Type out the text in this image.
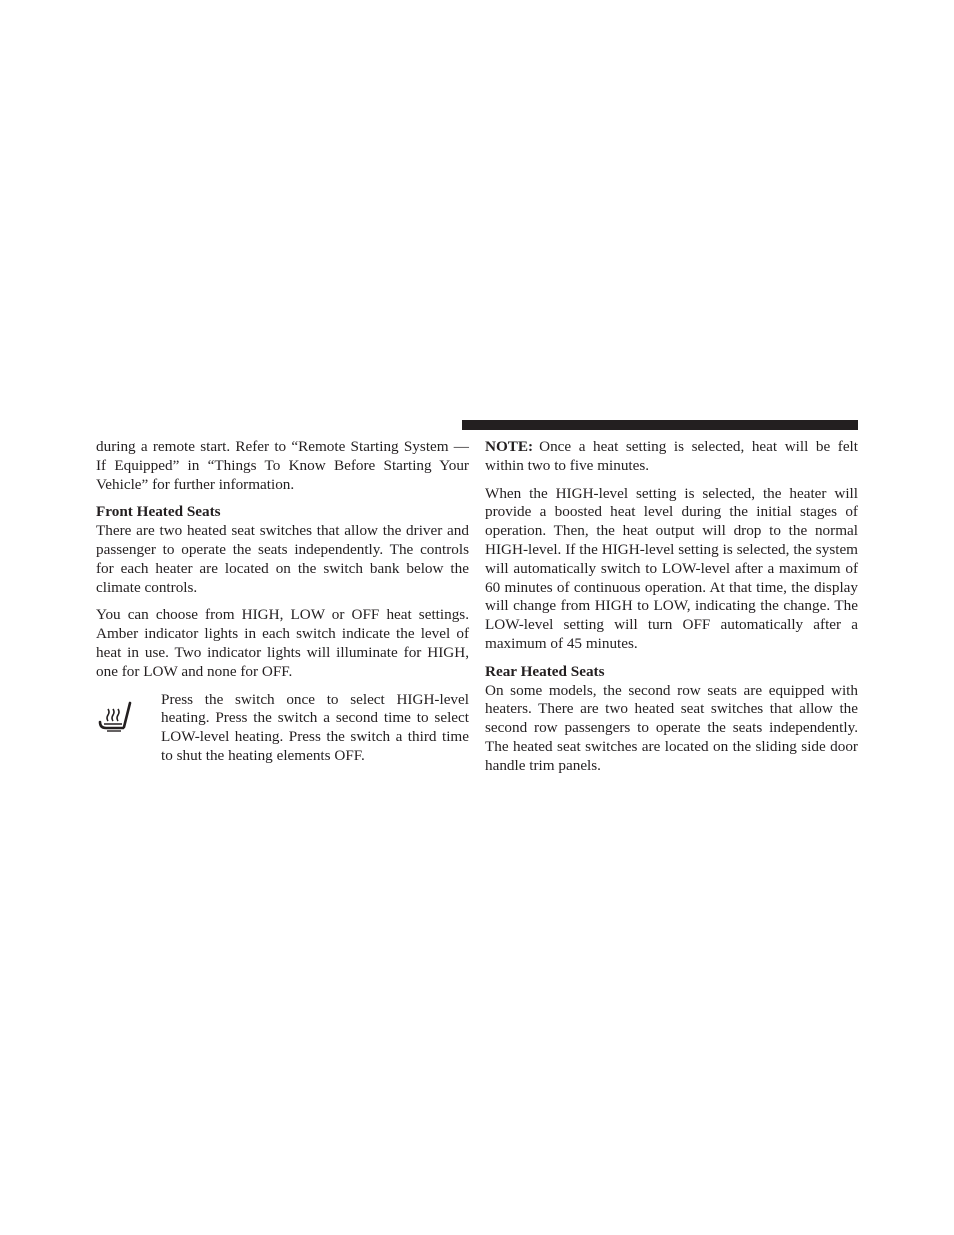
during a remote start. Refer to “Remote Starting System — If Equipped” in “Things To Know Before Starting Your Vehicle” for further information.

Front Heated Seats

There are two heated seat switches that allow the driver and passenger to operate the seats independently. The controls for each heater are located on the switch bank below the climate controls.

You can choose from HIGH, LOW or OFF heat settings. Amber indicator lights in each switch indicate the level of heat in use. Two indicator lights will illuminate for HIGH, one for LOW and none for OFF.

Press the switch once to select HIGH-level heating. Press the switch a second time to select LOW-level heating. Press the switch a third time to shut the heating elements OFF.

NOTE: Once a heat setting is selected, heat will be felt within two to five minutes.

When the HIGH-level setting is selected, the heater will provide a boosted heat level during the initial stages of operation. Then, the heat output will drop to the normal HIGH-level. If the HIGH-level setting is selected, the system will automatically switch to LOW-level after a maximum of 60 minutes of continuous operation. At that time, the display will change from HIGH to LOW, indicating the change. The LOW-level setting will turn OFF automatically after a maximum of 45 minutes.

Rear Heated Seats

On some models, the second row seats are equipped with heaters. There are two heated seat switches that allow the second row passengers to operate the seats independently. The heated seat switches are located on the sliding side door handle trim panels.
